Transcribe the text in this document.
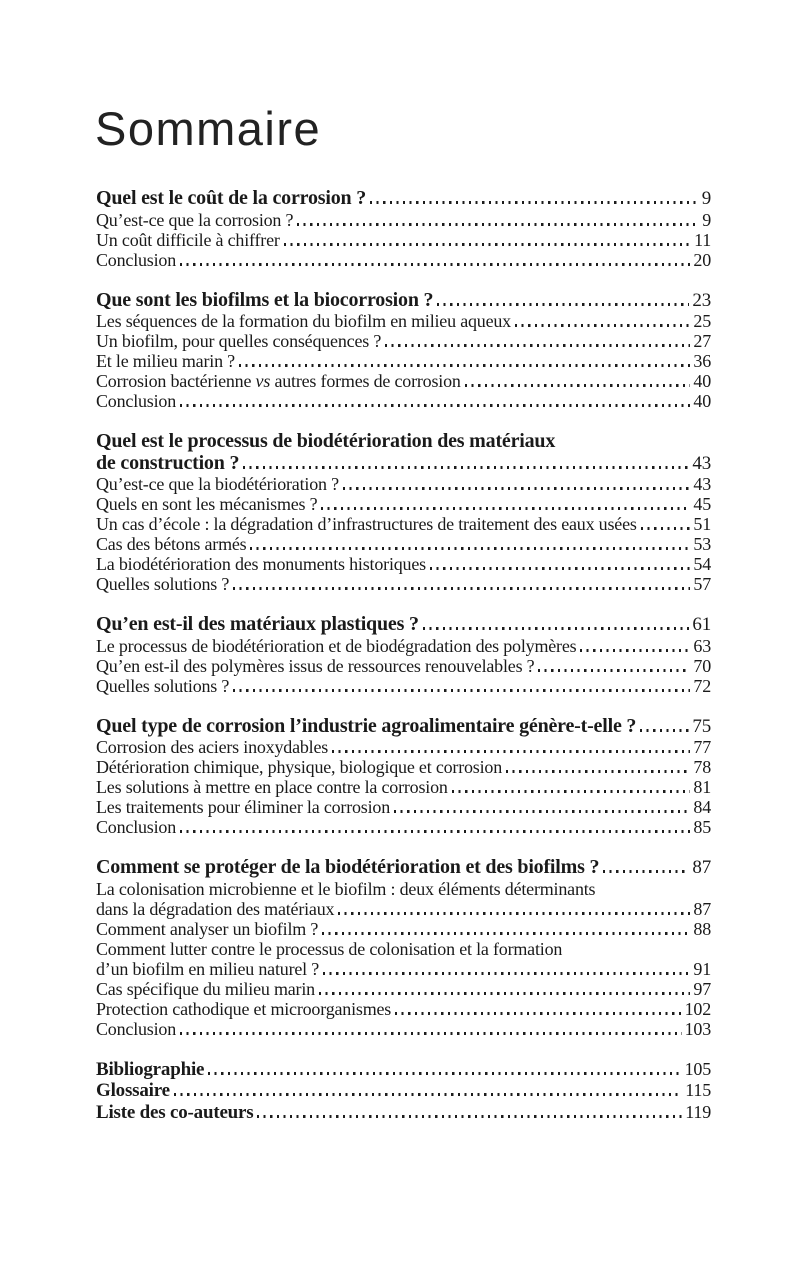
Sommaire
Quel est le coût de la corrosion ?	9
Qu’est-ce que la corrosion ?	9
Un coût difficile à chiffrer	11
Conclusion	20
Que sont les biofilms et la biocorrosion ?	23
Les séquences de la formation du biofilm en milieu aqueux	25
Un biofilm, pour quelles conséquences ?	27
Et le milieu marin ?	36
Corrosion bactérienne vs autres formes de corrosion	40
Conclusion	40
Quel est le processus de biodétérioration des matériaux
de construction ?	43
Qu’est-ce que la biodétérioration ?	43
Quels en sont les mécanismes ?	45
Un cas d’école : la dégradation d’infrastructures de traitement des eaux usées	51
Cas des bétons armés	53
La biodétérioration des monuments historiques	54
Quelles solutions ?	57
Qu’en est-il des matériaux plastiques ?	61
Le processus de biodétérioration et de biodégradation des polymères	63
Qu’en est-il des polymères issus de ressources renouvelables ?	70
Quelles solutions ?	72
Quel type de corrosion l’industrie agroalimentaire génère-t-elle ?	75
Corrosion des aciers inoxydables	77
Détérioration chimique, physique, biologique et corrosion	78
Les solutions à mettre en place contre la corrosion	81
Les traitements pour éliminer la corrosion	84
Conclusion	85
Comment se protéger de la biodétérioration et des biofilms ?	87
La colonisation microbienne et le biofilm : deux éléments déterminants
dans la dégradation des matériaux	87
Comment analyser un biofilm ?	88
Comment lutter contre le processus de colonisation et la formation
d’un biofilm en milieu naturel ?	91
Cas spécifique du milieu marin	97
Protection cathodique et microorganismes	102
Conclusion	103
Bibliographie	105
Glossaire	115
Liste des co-auteurs	119
